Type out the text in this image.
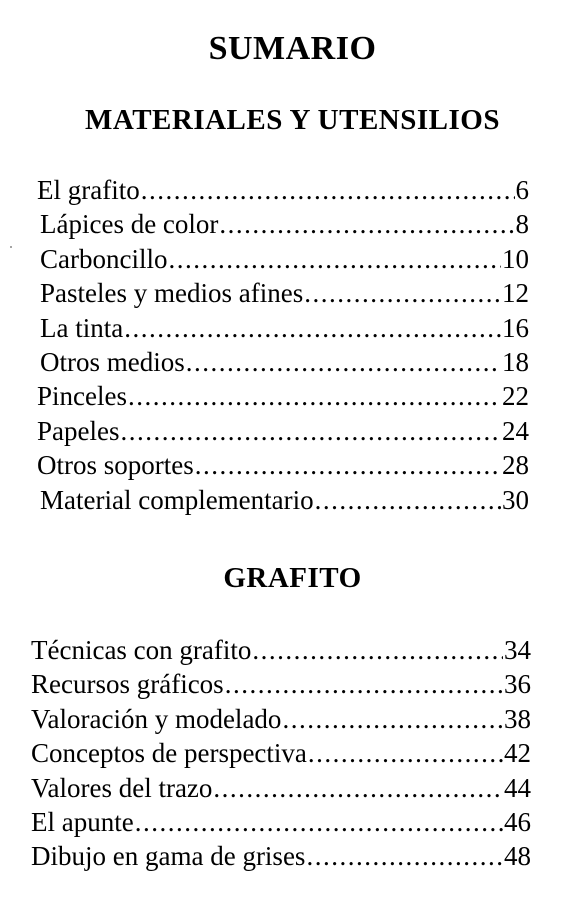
SUMARIO
MATERIALES Y UTENSILIOS
El grafito .....	6
Lápices de color .....	8
Carboncillo .....	10
Pasteles y medios afines .....	12
La tinta .....	16
Otros medios .....	18
Pinceles .....	22
Papeles .....	24
Otros soportes .....	28
Material complementario .....	30
GRAFITO
Técnicas con grafito .....	34
Recursos gráficos .....	36
Valoración y modelado .....	38
Conceptos de perspectiva .....	42
Valores del trazo .....	44
El apunte .....	46
Dibujo en gama de grises .....	48
